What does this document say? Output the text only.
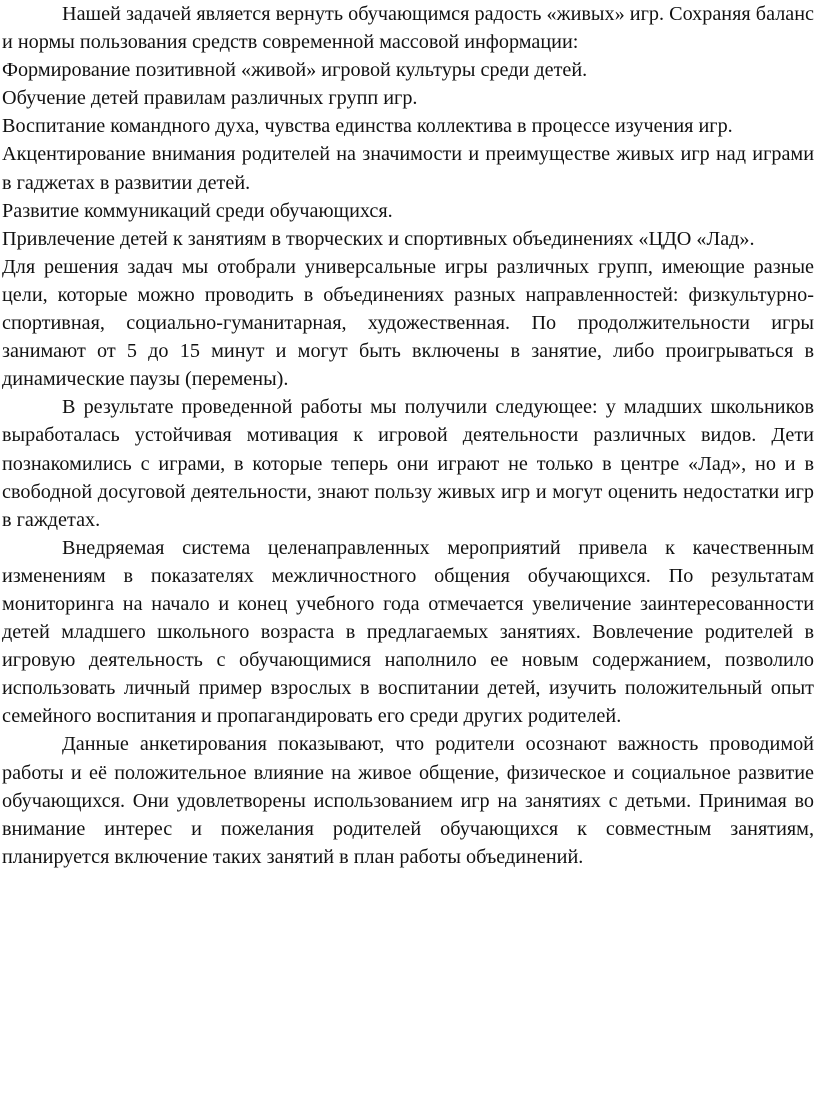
Нашей задачей является вернуть обучающимся радость «живых» игр. Сохраняя баланс и нормы пользования средств современной массовой информации:

Формирование позитивной «живой» игровой культуры среди детей.

Обучение детей правилам различных групп игр.

Воспитание командного духа, чувства единства коллектива в процессе изучения игр.

Акцентирование внимания родителей на значимости и преимуществе живых игр над играми в гаджетах в развитии детей.

Развитие коммуникаций среди обучающихся.

Привлечение детей к занятиям в творческих и спортивных объединениях «ЦДО «Лад».

Для решения задач мы отобрали универсальные игры различных групп, имеющие разные цели, которые можно проводить в объединениях разных направленностей: физкультурно-спортивная, социально-гуманитарная, художественная. По продолжительности игры занимают от 5 до 15 минут и могут быть включены в занятие, либо проигрываться в динамические паузы (перемены).

В результате проведенной работы мы получили следующее: у младших школьников выработалась устойчивая мотивация к игровой деятельности различных видов. Дети познакомились с играми, в которые теперь они играют не только в центре «Лад», но и в свободной досуговой деятельности, знают пользу живых игр и могут оценить недостатки игр в гаждетах.

Внедряемая система целенаправленных мероприятий привела к качественным изменениям в показателях межличностного общения обучающихся. По результатам мониторинга на начало и конец учебного года отмечается увеличение заинтересованности детей младшего школьного возраста в предлагаемых занятиях. Вовлечение родителей в игровую деятельность с обучающимися наполнило ее новым содержанием, позволило использовать личный пример взрослых в воспитании детей, изучить положительный опыт семейного воспитания и пропагандировать его среди других родителей.

Данные анкетирования показывают, что родители осознают важность проводимой работы и её положительное влияние на живое общение, физическое и социальное развитие обучающихся. Они удовлетворены использованием игр на занятиях с детьми. Принимая во внимание интерес и пожелания родителей обучающихся к совместным занятиям, планируется включение таких занятий в план работы объединений.
